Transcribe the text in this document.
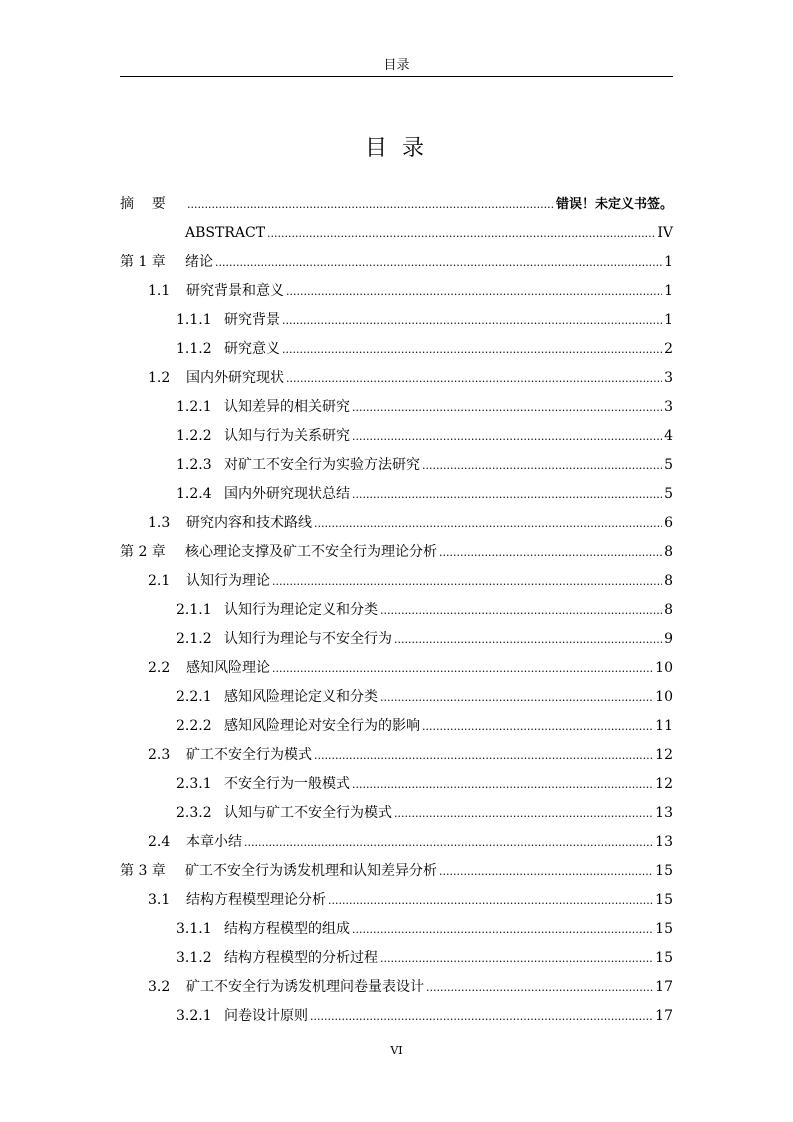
目录
目 录
摘    要 .....	错误！未定义书签。
ABSTRACT .....	IV
第 1 章	绪论 .....	1
1.1	研究背景和意义 .....	1
1.1.1 研究背景 .....	1
1.1.2 研究意义 .....	2
1.2	国内外研究现状 .....	3
1.2.1 认知差异的相关研究 .....	3
1.2.2 认知与行为关系研究 .....	4
1.2.3 对矿工不安全行为实验方法研究 .....	5
1.2.4 国内外研究现状总结 .....	5
1.3	研究内容和技术路线 .....	6
第 2 章	核心理论支撑及矿工不安全行为理论分析 .....	8
2.1	认知行为理论 .....	8
2.1.1 认知行为理论定义和分类 .....	8
2.1.2 认知行为理论与不安全行为 .....	9
2.2	感知风险理论 .....	10
2.2.1 感知风险理论定义和分类 .....	10
2.2.2 感知风险理论对安全行为的影响 .....	11
2.3	矿工不安全行为模式 .....	12
2.3.1 不安全行为一般模式 .....	12
2.3.2 认知与矿工不安全行为模式 .....	13
2.4	本章小结 .....	13
第 3 章	矿工不安全行为诱发机理和认知差异分析 .....	15
3.1	结构方程模型理论分析 .....	15
3.1.1 结构方程模型的组成 .....	15
3.1.2 结构方程模型的分析过程 .....	15
3.2	矿工不安全行为诱发机理问卷量表设计 .....	17
3.2.1 问卷设计原则 .....	17
VI
